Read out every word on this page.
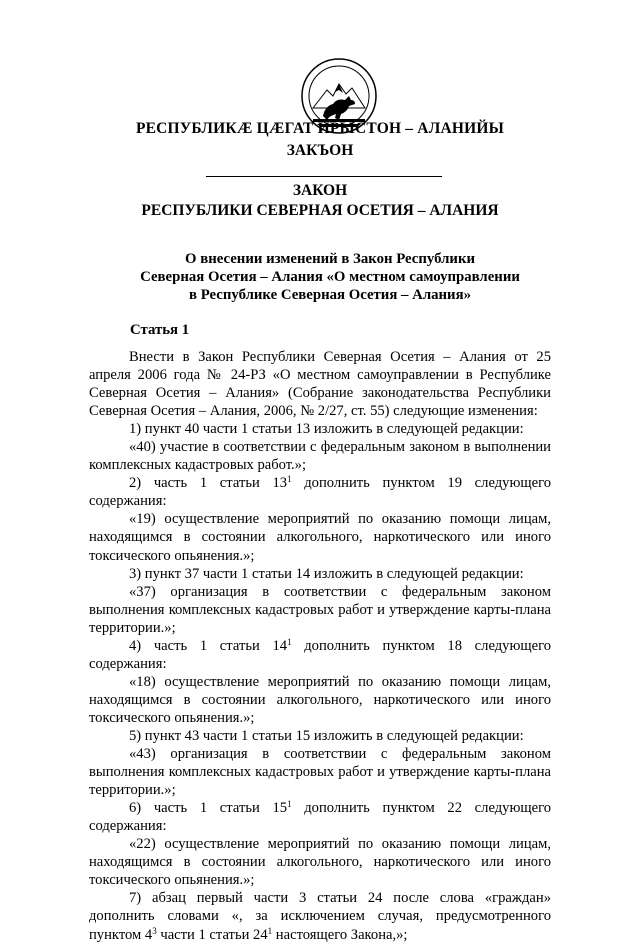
РЕСПУБЛИКӔ ЦӔГАТ ИРЫСТОН – АЛАНИЙЫ
ЗАКЪОН
ЗАКОН
РЕСПУБЛИКИ СЕВЕРНАЯ ОСЕТИЯ – АЛАНИЯ
О внесении изменений в Закон Республики
Северная Осетия – Алания «О местном самоуправлении
в Республике Северная Осетия – Алания»
Статья 1

Внести в Закон Республики Северная Осетия – Алания от 25 апреля 2006 года № 24-РЗ «О местном самоуправлении в Республике Северная Осетия – Алания» (Собрание законодательства Республики Северная Осетия – Алания, 2006, № 2/27, ст. 55) следующие изменения:

1) пункт 40 части 1 статьи 13 изложить в следующей редакции:

«40) участие в соответствии с федеральным законом в выполнении комплексных кадастровых работ.»;

2) часть 1 статьи $13^1$ дополнить пунктом 19 следующего содержания:

«19) осуществление мероприятий по оказанию помощи лицам, находящимся в состоянии алкогольного, наркотического или иного токсического опьянения.»;

3) пункт 37 части 1 статьи 14 изложить в следующей редакции:

«37) организация в соответствии с федеральным законом выполнения комплексных кадастровых работ и утверждение карты-плана территории.»;

4) часть 1 статьи $14^1$ дополнить пунктом 18 следующего содержания:

«18) осуществление мероприятий по оказанию помощи лицам, находящимся в состоянии алкогольного, наркотического или иного токсического опьянения.»;

5) пункт 43 части 1 статьи 15 изложить в следующей редакции:

«43) организация в соответствии с федеральным законом выполнения комплексных кадастровых работ и утверждение карты-плана территории.»;

6) часть 1 статьи $15^1$ дополнить пунктом 22 следующего содержания:

«22) осуществление мероприятий по оказанию помощи лицам, находящимся в состоянии алкогольного, наркотического или иного токсического опьянения.»;

7) абзац первый части 3 статьи 24 после слова «граждан» дополнить словами «, за исключением случая, предусмотренного пунктом $4^3$ части 1 статьи $24^1$ настоящего Закона,»;
